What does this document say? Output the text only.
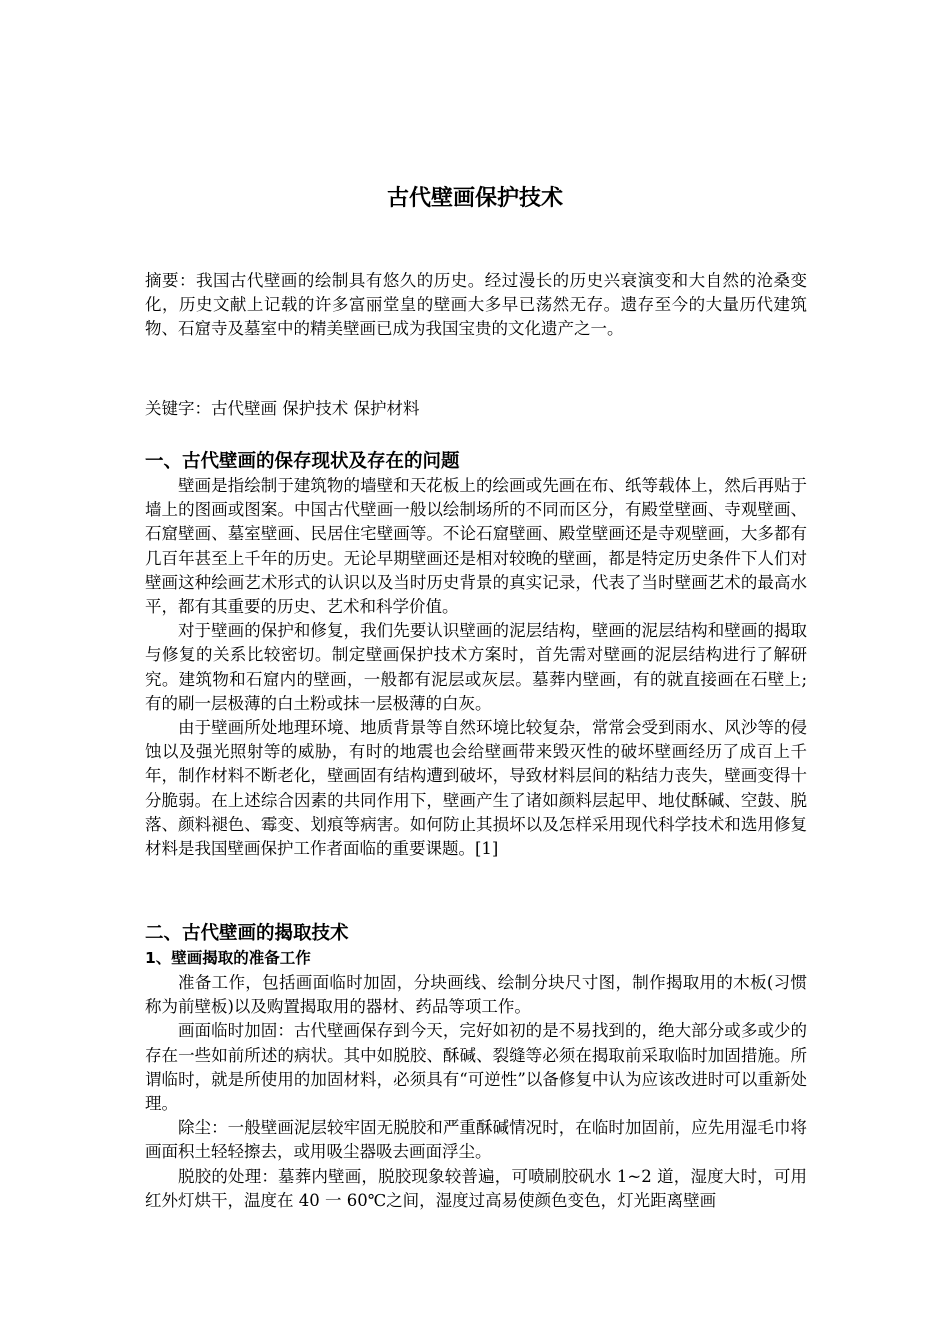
古代壁画保护技术

摘要：我国古代壁画的绘制具有悠久的历史。经过漫长的历史兴衰演变和大自然的沧桑变化，历史文献上记载的许多富丽堂皇的壁画大多早已荡然无存。遗存至今的大量历代建筑物、石窟寺及墓室中的精美壁画已成为我国宝贵的文化遗产之一。

关键字：古代壁画 保护技术 保护材料

一、古代壁画的保存现状及存在的问题

壁画是指绘制于建筑物的墙壁和天花板上的绘画或先画在布、纸等载体上，然后再贴于墙上的图画或图案。中国古代壁画一般以绘制场所的不同而区分，有殿堂壁画、寺观壁画、石窟壁画、墓室壁画、民居住宅壁画等。不论石窟壁画、殿堂壁画还是寺观壁画，大多都有几百年甚至上千年的历史。无论早期壁画还是相对较晚的壁画，都是特定历史条件下人们对壁画这种绘画艺术形式的认识以及当时历史背景的真实记录，代表了当时壁画艺术的最高水平，都有其重要的历史、艺术和科学价值。

对于壁画的保护和修复，我们先要认识壁画的泥层结构，壁画的泥层结构和壁画的揭取与修复的关系比较密切。制定壁画保护技术方案时，首先需对壁画的泥层结构进行了解研究。建筑物和石窟内的壁画，一般都有泥层或灰层。墓葬内壁画，有的就直接画在石壁上;有的刷一层极薄的白土粉或抹一层极薄的白灰。

由于壁画所处地理环境、地质背景等自然环境比较复杂，常常会受到雨水、风沙等的侵蚀以及强光照射等的威胁，有时的地震也会给壁画带来毁灭性的破坏壁画经历了成百上千年，制作材料不断老化，壁画固有结构遭到破坏，导致材料层间的粘结力丧失，壁画变得十分脆弱。在上述综合因素的共同作用下，壁画产生了诸如颜料层起甲、地仗酥碱、空鼓、脱落、颜料褪色、霉变、划痕等病害。如何防止其损坏以及怎样采用现代科学技术和选用修复材料是我国壁画保护工作者面临的重要课题。[1]

二、古代壁画的揭取技术
1、壁画揭取的准备工作

准备工作，包括画面临时加固，分块画线、绘制分块尺寸图，制作揭取用的木板(习惯称为前壁板)以及购置揭取用的器材、药品等项工作。

画面临时加固：古代壁画保存到今天，完好如初的是不易找到的，绝大部分或多或少的存在一些如前所述的病状。其中如脱胶、酥碱、裂缝等必须在揭取前采取临时加固措施。所谓临时，就是所使用的加固材料，必须具有“可逆性”以备修复中认为应该改进时可以重新处理。

除尘：一般壁画泥层较牢固无脱胶和严重酥碱情况时，在临时加固前，应先用湿毛巾将画面积土轻轻擦去，或用吸尘器吸去画面浮尘。

脱胶的处理：墓葬内壁画，脱胶现象较普遍，可喷刷胶矾水 1~2 道，湿度大时，可用红外灯烘干，温度在 40 一 60℃之间，湿度过高易使颜色变色，灯光距离壁画
